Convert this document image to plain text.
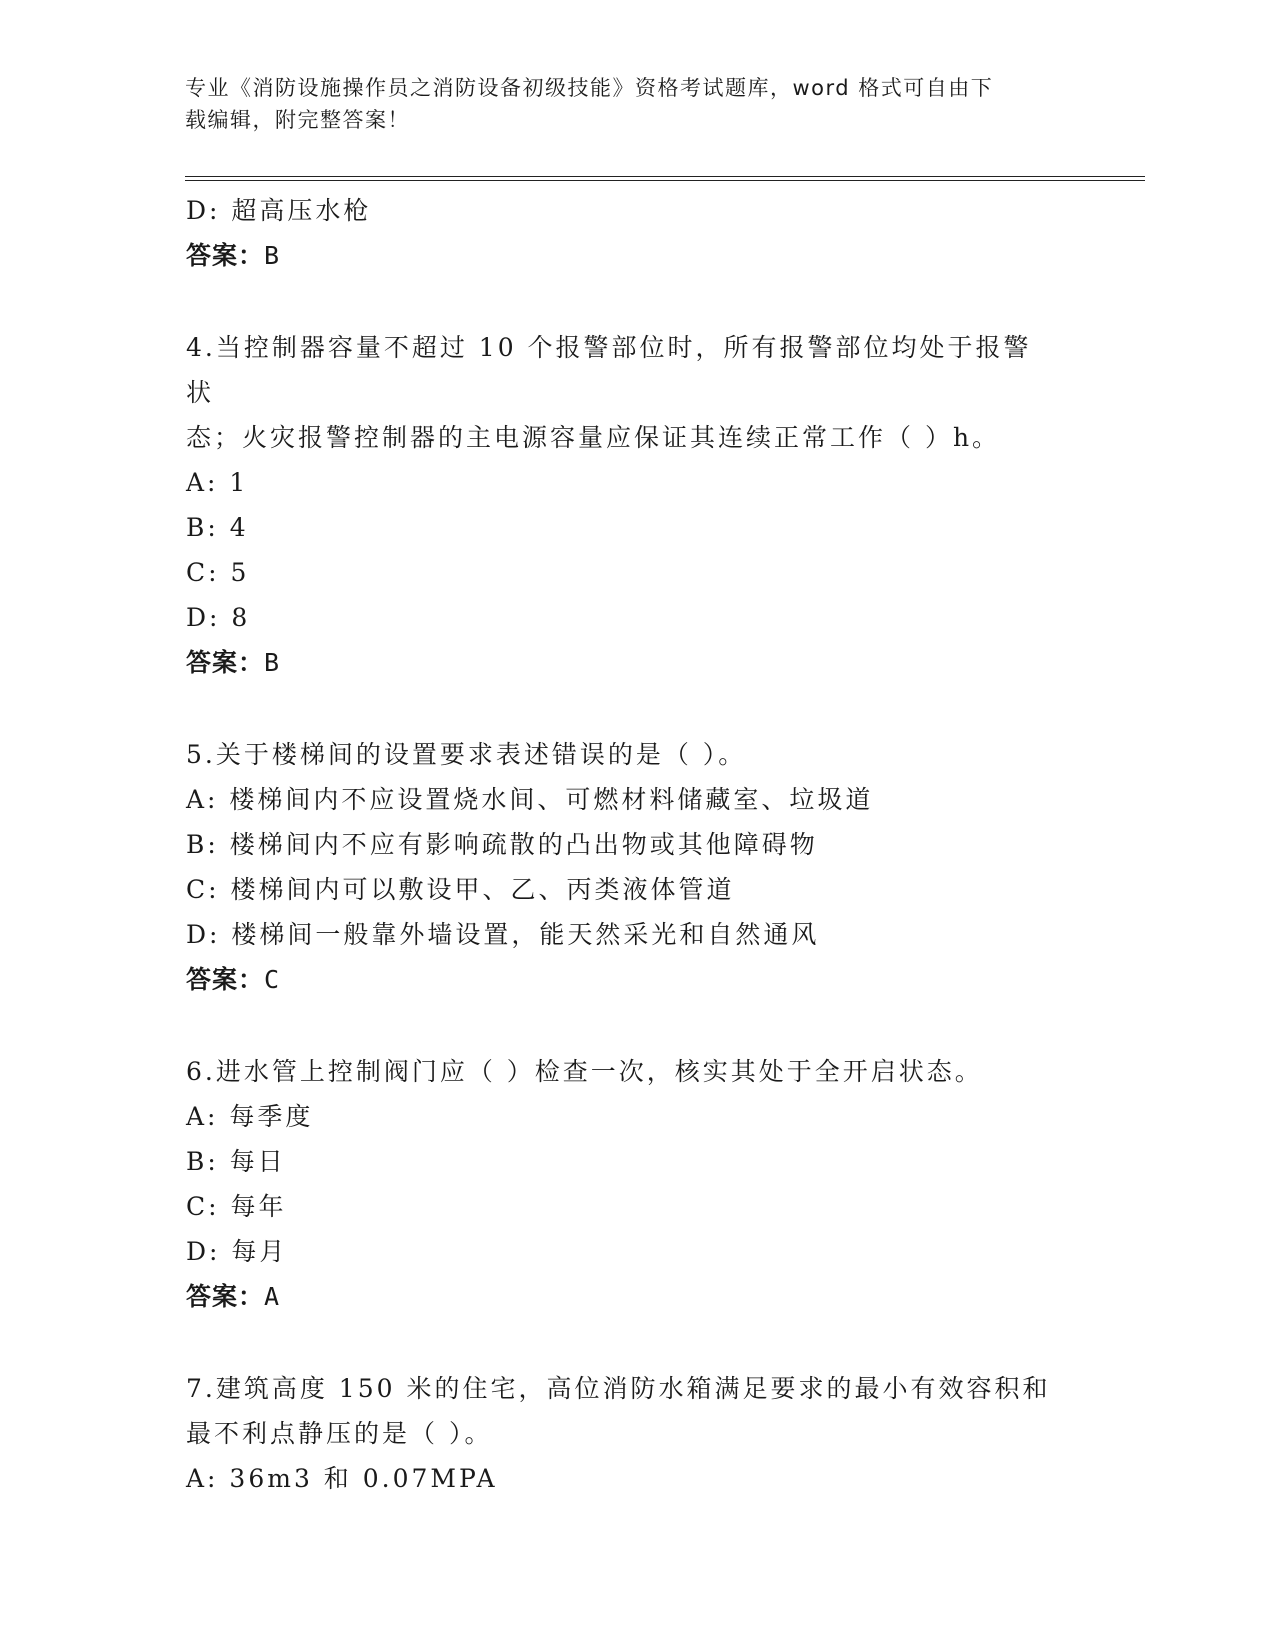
专业《消防设施操作员之消防设备初级技能》资格考试题库，word 格式可自由下
载编辑，附完整答案！
D: 超高压水枪
答案：B
4.当控制器容量不超过 10 个报警部位时，所有报警部位均处于报警状
态；火灾报警控制器的主电源容量应保证其连续正常工作（ ）h。
A: 1
B: 4
C: 5
D: 8
答案：B
5.关于楼梯间的设置要求表述错误的是（ ）。
A: 楼梯间内不应设置烧水间、可燃材料储藏室、垃圾道
B: 楼梯间内不应有影响疏散的凸出物或其他障碍物
C: 楼梯间内可以敷设甲、乙、丙类液体管道
D: 楼梯间一般靠外墙设置，能天然采光和自然通风
答案：C
6.进水管上控制阀门应（ ）检查一次，核实其处于全开启状态。
A: 每季度
B: 每日
C: 每年
D: 每月
答案：A
7.建筑高度 150 米的住宅，高位消防水箱满足要求的最小有效容积和
最不利点静压的是（ ）。
A: 36m3 和 0.07MPA
